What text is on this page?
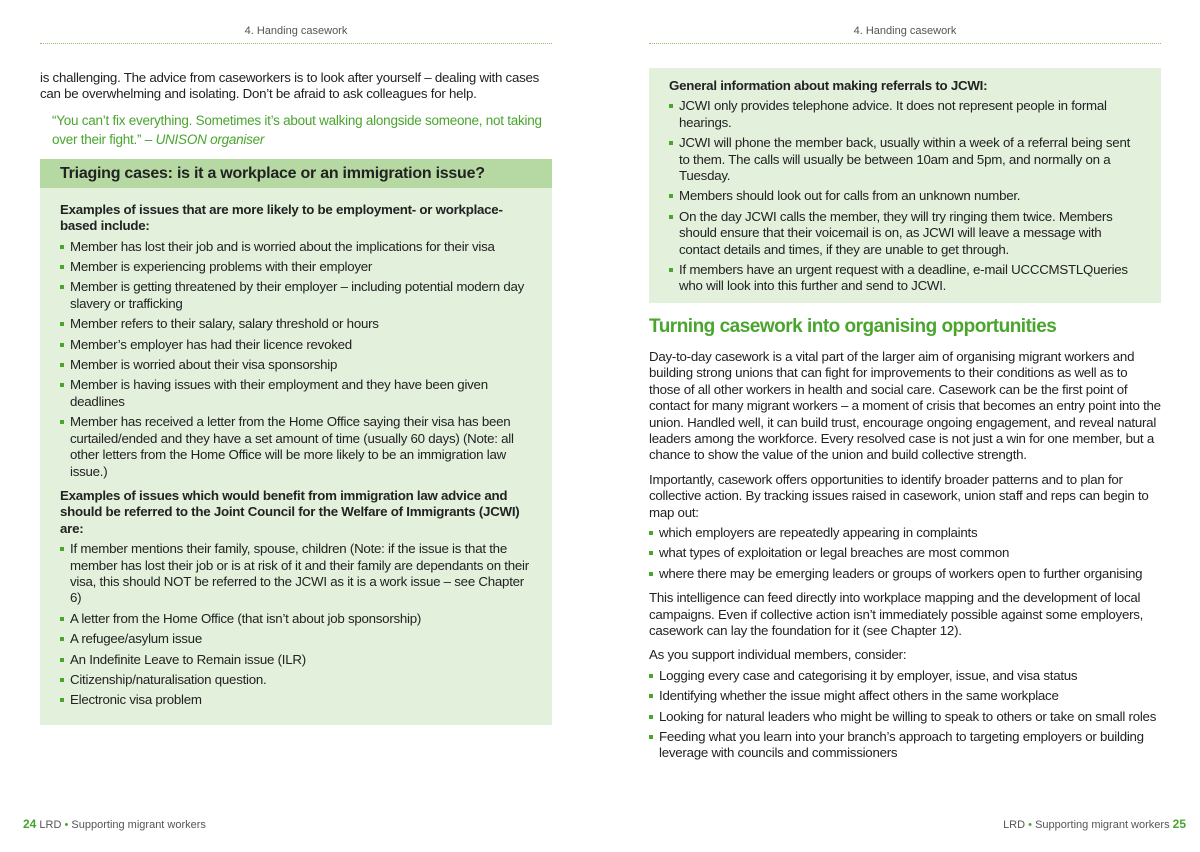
4. Handing casework

is challenging. The advice from caseworkers is to look after yourself – dealing with cases can be overwhelming and isolating. Don’t be afraid to ask colleagues for help.

“You can’t fix everything. Sometimes it’s about walking alongside someone, not taking over their fight.” – UNISON organiser
Triaging cases: is it a workplace or an immigration issue?
Examples of issues that are more likely to be employment- or workplace-based include:
Member has lost their job and is worried about the implications for their visa
Member is experiencing problems with their employer
Member is getting threatened by their employer – including potential modern day slavery or trafficking
Member refers to their salary, salary threshold or hours
Member’s employer has had their licence revoked
Member is worried about their visa sponsorship
Member is having issues with their employment and they have been given deadlines
Member has received a letter from the Home Office saying their visa has been curtailed/ended and they have a set amount of time (usually 60 days) (Note: all other letters from the Home Office will be more likely to be an immigration law issue.)
Examples of issues which would benefit from immigration law advice and should be referred to the Joint Council for the Welfare of Immigrants (JCWI) are:
If member mentions their family, spouse, children (Note: if the issue is that the member has lost their job or is at risk of it and their family are dependants on their visa, this should NOT be referred to the JCWI as it is a work issue – see Chapter 6)
A letter from the Home Office (that isn’t about job sponsorship)
A refugee/asylum issue
An Indefinite Leave to Remain issue (ILR)
Citizenship/naturalisation question.
Electronic visa problem
24 LRD • Supporting migrant workers
4. Handing casework
General information about making referrals to JCWI:
JCWI only provides telephone advice. It does not represent people in formal hearings.
JCWI will phone the member back, usually within a week of a referral being sent to them. The calls will usually be between 10am and 5pm, and normally on a Tuesday.
Members should look out for calls from an unknown number.
On the day JCWI calls the member, they will try ringing them twice. Members should ensure that their voicemail is on, as JCWI will leave a message with contact details and times, if they are unable to get through.
If members have an urgent request with a deadline, e-mail UCCCMSTLQueries who will look into this further and send to JCWI.
Turning casework into organising opportunities

Day-to-day casework is a vital part of the larger aim of organising migrant workers and building strong unions that can fight for improvements to their conditions as well as to those of all other workers in health and social care. Casework can be the first point of contact for many migrant workers – a moment of crisis that becomes an entry point into the union. Handled well, it can build trust, encourage ongoing engagement, and reveal natural leaders among the workforce. Every resolved case is not just a win for one member, but a chance to show the value of the union and build collective strength.

Importantly, casework offers opportunities to identify broader patterns and to plan for collective action. By tracking issues raised in casework, union staff and reps can begin to map out:

which employers are repeatedly appearing in complaints
what types of exploitation or legal breaches are most common
where there may be emerging leaders or groups of workers open to further organising

This intelligence can feed directly into workplace mapping and the development of local campaigns. Even if collective action isn’t immediately possible against some employers, casework can lay the foundation for it (see Chapter 12).

As you support individual members, consider:

Logging every case and categorising it by employer, issue, and visa status
Identifying whether the issue might affect others in the same workplace
Looking for natural leaders who might be willing to speak to others or take on small roles
Feeding what you learn into your branch’s approach to targeting employers or building leverage with councils and commissioners
LRD • Supporting migrant workers 25
